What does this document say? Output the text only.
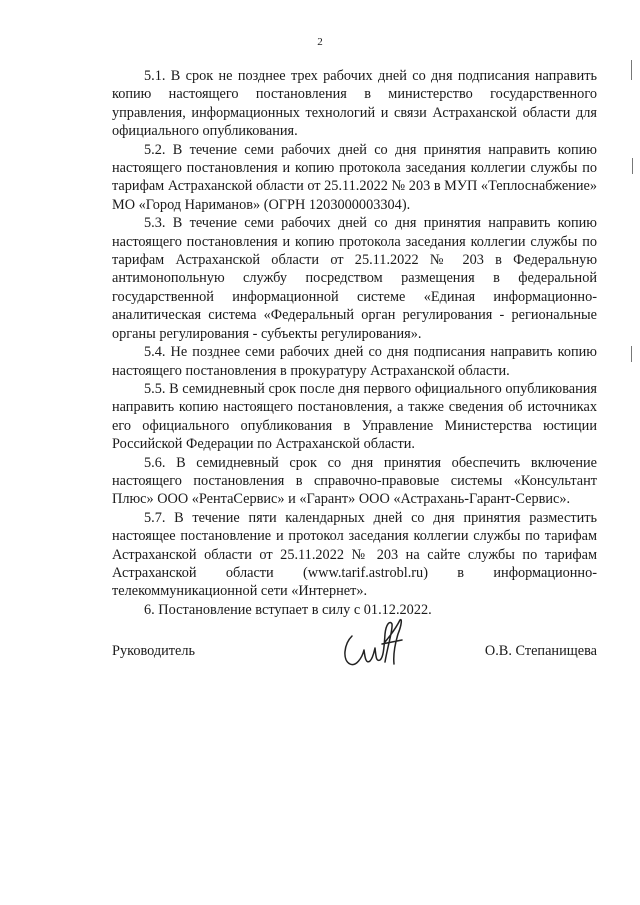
2

5.1. В срок не позднее трех рабочих дней со дня подписания направить копию настоящего постановления в министерство государственного управления, информационных технологий и связи Астраханской области для официального опубликования.

5.2. В течение семи рабочих дней со дня принятия направить копию настоящего постановления и копию протокола заседания коллегии службы по тарифам Астраханской области от 25.11.2022 № 203 в МУП «Теплоснабжение» МО «Город Нариманов» (ОГРН 1203000003304).

5.3. В течение семи рабочих дней со дня принятия направить копию настоящего постановления и копию протокола заседания коллегии службы по тарифам Астраханской области от 25.11.2022 № 203 в Федеральную антимонопольную службу посредством размещения в федеральной государственной информационной системе «Единая информационно-аналитическая система «Федеральный орган регулирования - региональные органы регулирования - субъекты регулирования».

5.4. Не позднее семи рабочих дней со дня подписания направить копию настоящего постановления в прокуратуру Астраханской области.

5.5. В семидневный срок после дня первого официального опубликования направить копию настоящего постановления, а также сведения об источниках его официального опубликования в Управление Министерства юстиции Российской Федерации по Астраханской области.

5.6. В семидневный срок со дня принятия обеспечить включение настоящего постановления в справочно-правовые системы «Консультант Плюс» ООО «РентаСервис» и «Гарант» ООО «Астрахань-Гарант-Сервис».

5.7. В течение пяти календарных дней со дня принятия разместить настоящее постановление и протокол заседания коллегии службы по тарифам Астраханской области от 25.11.2022 № 203 на сайте службы по тарифам Астраханской области (www.tarif.astrobl.ru) в информационно-телекоммуникационной сети «Интернет».

6. Постановление вступает в силу с 01.12.2022.

Руководитель	О.В. Степанищева
